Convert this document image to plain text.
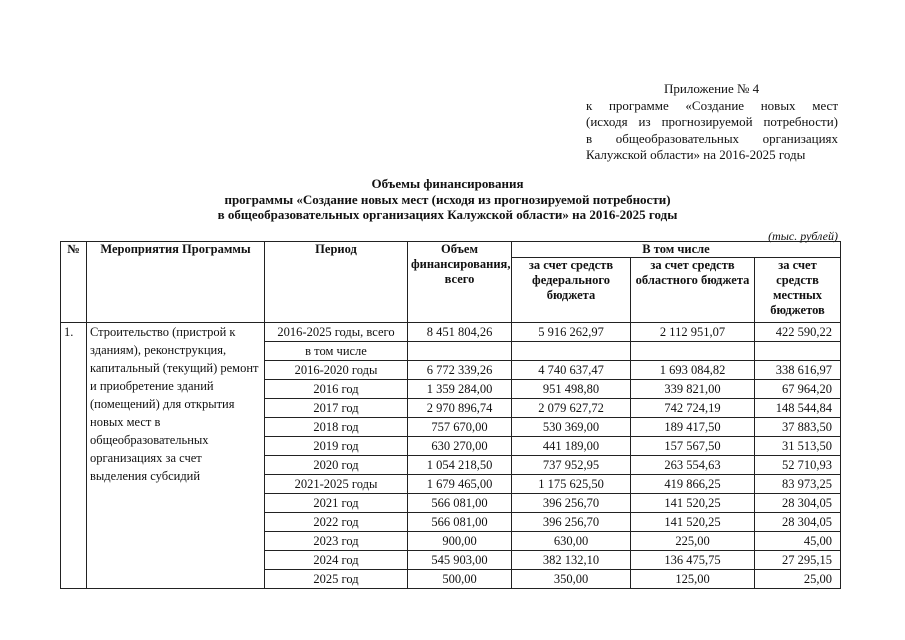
Приложение № 4
к программе «Создание новых мест
(исходя из прогнозируемой потребности)
в общеобразовательных организациях
Калужской области» на 2016-2025 годы
Объемы финансирования
программы «Создание новых мест (исходя из прогнозируемой потребности)
в общеобразовательных организациях Калужской области» на 2016-2025 годы
(тыс. рублей)
№	Мероприятия Программы	Период	Объем финансирования, всего	В том числе		
				за счет средств федерального бюджета	за счет средств областного бюджета	за счет средств местных бюджетов
1.	Строительство (пристрой к зданиям), реконструкция, капитальный (текущий) ремонт и приобретение зданий (помещений) для открытия новых мест в общеобразовательных организациях за счет выделения субсидий	2016-2025 годы, всего	8 451 804,26	5 916 262,97	2 112 951,07	422 590,22
		в том числе				
		2016-2020 годы	6 772 339,26	4 740 637,47	1 693 084,82	338 616,97
		2016 год	1 359 284,00	951 498,80	339 821,00	67 964,20
		2017 год	2 970 896,74	2 079 627,72	742 724,19	148 544,84
		2018 год	757 670,00	530 369,00	189 417,50	37 883,50
		2019 год	630 270,00	441 189,00	157 567,50	31 513,50
		2020 год	1 054 218,50	737 952,95	263 554,63	52 710,93
		2021-2025 годы	1 679 465,00	1 175 625,50	419 866,25	83 973,25
		2021 год	566 081,00	396 256,70	141 520,25	28 304,05
		2022 год	566 081,00	396 256,70	141 520,25	28 304,05
		2023 год	900,00	630,00	225,00	45,00
		2024 год	545 903,00	382 132,10	136 475,75	27 295,15
		2025 год	500,00	350,00	125,00	25,00
